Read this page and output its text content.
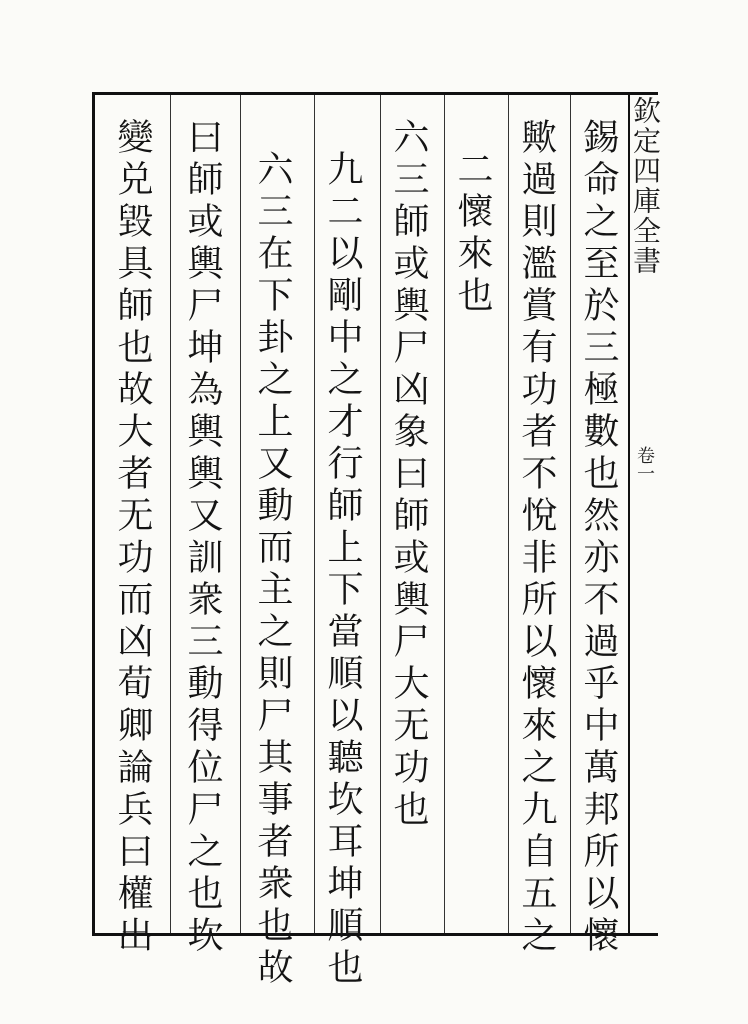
欽定四庫全書
卷一
錫命之至於三極數也然亦不過乎中萬邦所以懷
歟過則濫賞有功者不悅非所以懷來之九自五之
二懷來也
六三師或輿尸凶象曰師或輿尸大无功也
九二以剛中之才行師上下當順以聽坎耳坤順也
六三在下卦之上又動而主之則尸其事者衆也故
曰師或輿尸坤為輿輿又訓衆三動得位尸之也坎
變兑毀具師也故大者无功而凶荀卿論兵曰權出
